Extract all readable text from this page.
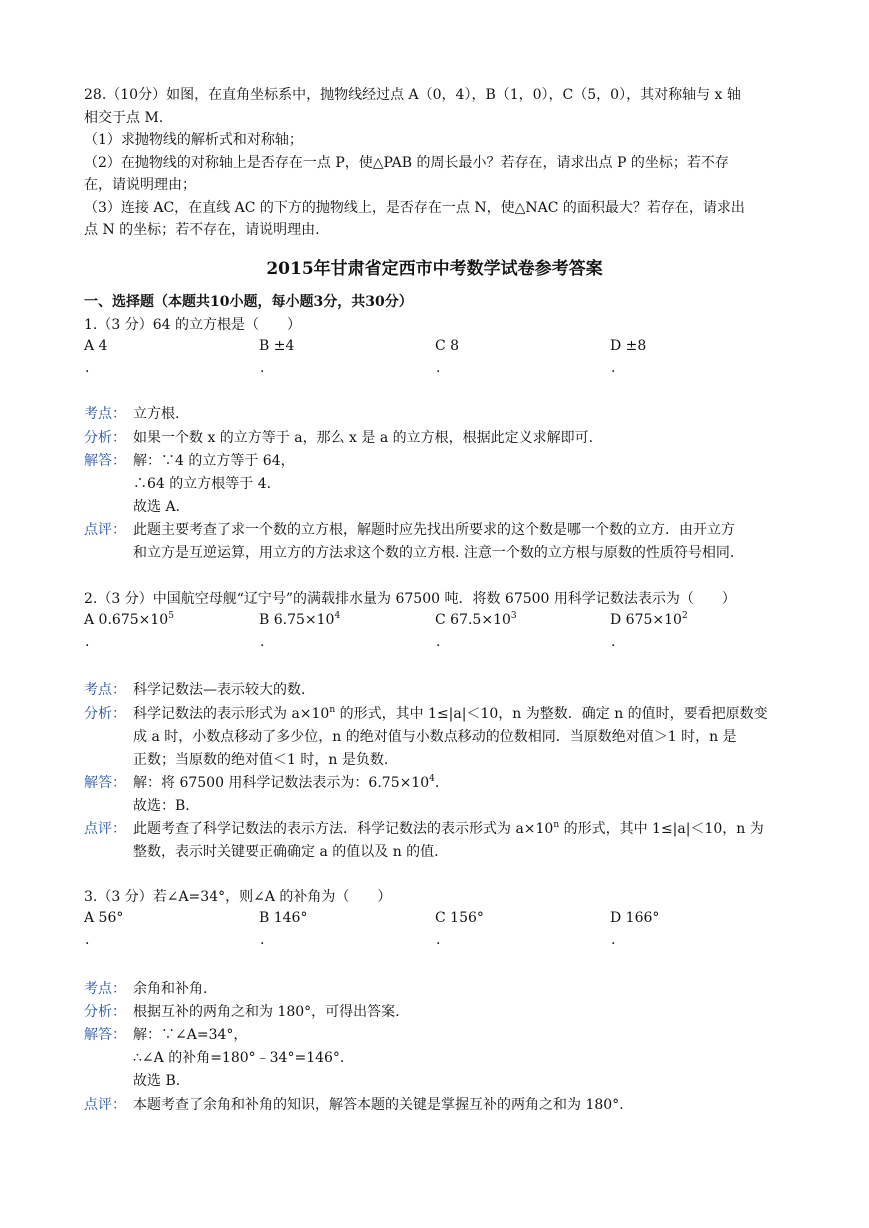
28.（10分）如图，在直角坐标系中，抛物线经过点 A（0，4），B（1，0），C（5，0），其对称轴与 x 轴
相交于点 M.
（1）求抛物线的解析式和对称轴；
（2）在抛物线的对称轴上是否存在一点 P，使△PAB 的周长最小？若存在，请求出点 P 的坐标；若不存
在，请说明理由；
（3）连接 AC，在直线 AC 的下方的抛物线上，是否存在一点 N，使△NAC 的面积最大？若存在，请求出
点 N 的坐标；若不存在，请说明理由.
2015年甘肃省定西市中考数学试卷参考答案
一、选择题（本题共10小题，每小题3分，共30分）
1.（3 分）64 的立方根是（　　）
A 4	B ±4	C 8	D ±8
.	.	.	.
考点： 立方根.
分析： 如果一个数 x 的立方等于 a，那么 x 是 a 的立方根，根据此定义求解即可.
解答： 解：∵4 的立方等于 64，
∴64 的立方根等于 4.
故选 A.
点评： 此题主要考查了求一个数的立方根，解题时应先找出所要求的这个数是哪一个数的立方．由开立方
和立方是互逆运算，用立方的方法求这个数的立方根. 注意一个数的立方根与原数的性质符号相同.
2.（3 分）中国航空母舰“辽宁号”的满载排水量为 67500 吨．将数 67500 用科学记数法表示为（　　）
A $0.675\times 10^5$	B $6.75\times 10^4$	C $67.5\times 10^3$	D $675\times 10^2$
.	.	.	.
考点： 科学记数法—表示较大的数.
分析： 科学记数法的表示形式为 $a\times 10^n$ 的形式，其中 1≤|a|＜10，n 为整数．确定 n 的值时，要看把原数变
成 a 时，小数点移动了多少位，n 的绝对值与小数点移动的位数相同．当原数绝对值＞1 时，n 是
正数；当原数的绝对值＜1 时，n 是负数.
解答： 解：将 67500 用科学记数法表示为：$6.75\times 10^4$.
故选：B.
点评： 此题考查了科学记数法的表示方法．科学记数法的表示形式为 $a\times 10^n$ 的形式，其中 1≤|a|＜10，n 为
整数，表示时关键要正确确定 a 的值以及 n 的值.
3.（3 分）若∠A=34°，则∠A 的补角为（　　）
A 56°	B 146°	C 156°	D 166°
.	.	.	.
考点： 余角和补角.
分析： 根据互补的两角之和为 180°，可得出答案.
解答： 解：∵∠A=34°，
∴∠A 的补角=180°﹣34°=146°.
故选 B.
点评： 本题考查了余角和补角的知识，解答本题的关键是掌握互补的两角之和为 180°.
